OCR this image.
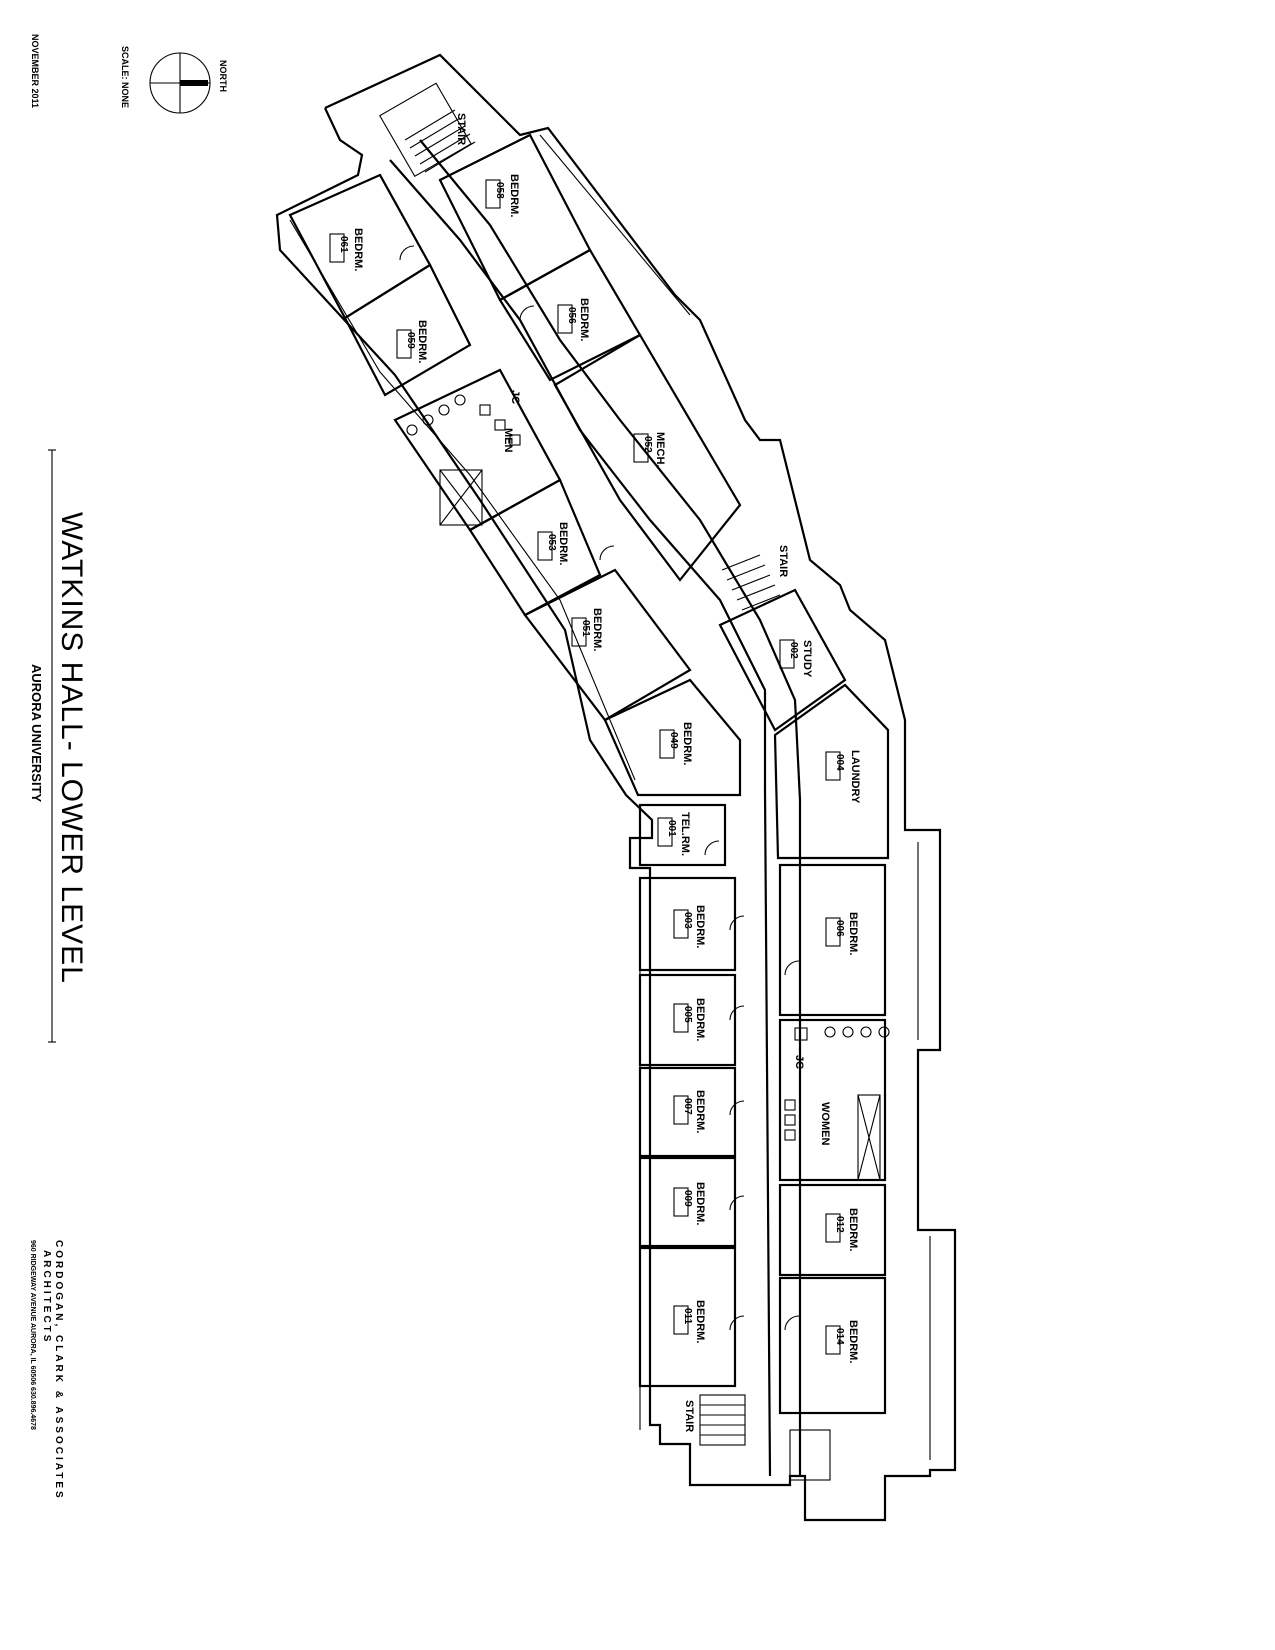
NORTH
SCALE: NONE
NOVEMBER 2011
WATKINS HALL- LOWER LEVEL
AURORA UNIVERSITY
CORDOGAN, CLARK & ASSOCIATES
ARCHITECTS
960 RIDGEWAY AVENUE AURORA, IL 60506 630.896.4678
STAIR
STAIR
STAIR
BEDRM.
061
BEDRM.
058
BEDRM.
059	BEDRM.
056
MECH.
052
JC
MEN
BEDRM.
053
BEDRM.
051
BEDRM.
049
STUDY
002
LAUNDRY
004
TEL.RM.
001
BEDRM.
003	BEDRM.
006
BEDRM.
005
BEDRM.
007
JC
WOMEN
BEDRM.
009
BEDRM.
012
BEDRM.
011
BEDRM.
014
